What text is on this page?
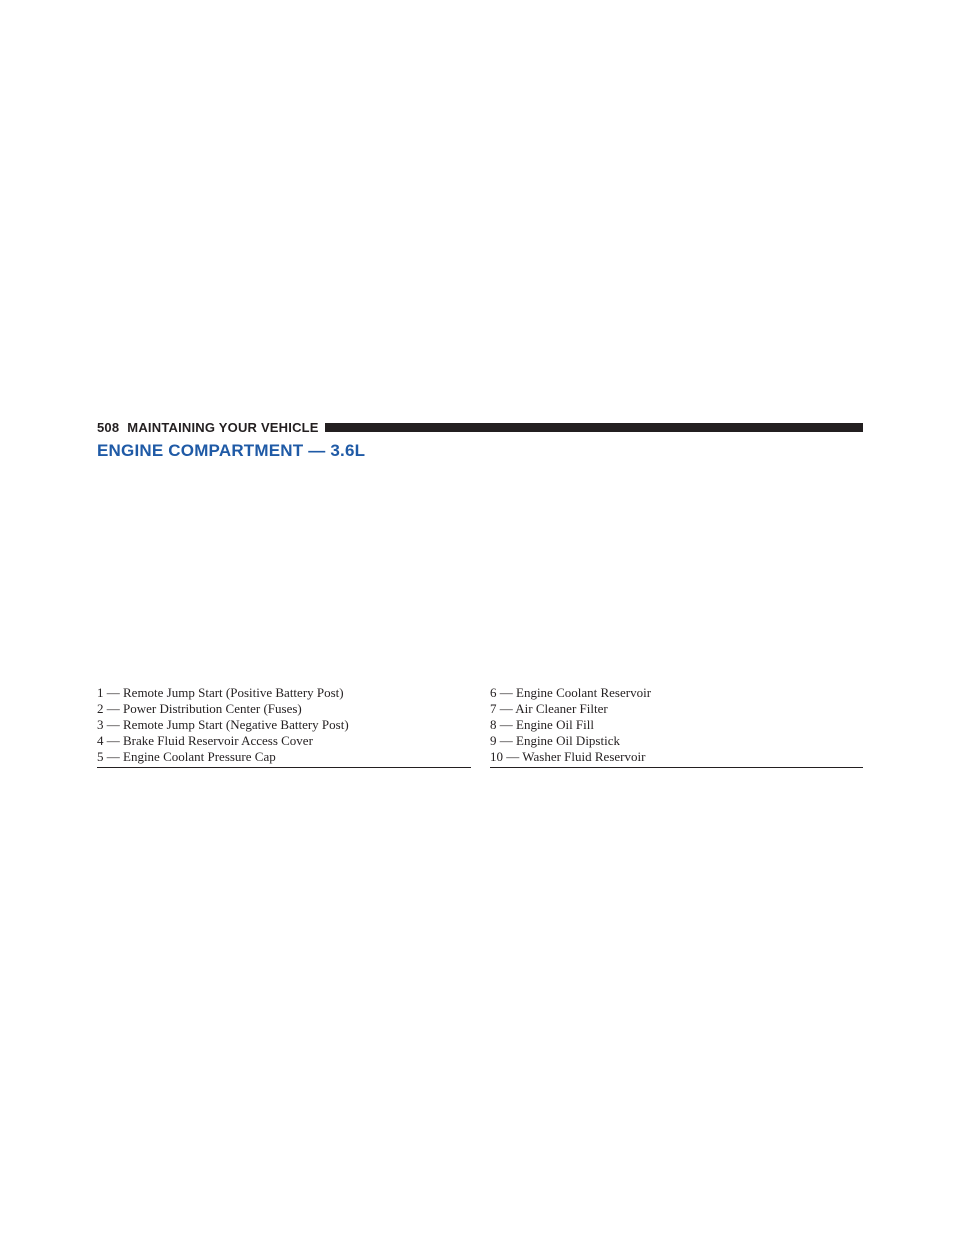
508 MAINTAINING YOUR VEHICLE
ENGINE COMPARTMENT — 3.6L
1 — Remote Jump Start (Positive Battery Post)
2 — Power Distribution Center (Fuses)
3 — Remote Jump Start (Negative Battery Post)
4 — Brake Fluid Reservoir Access Cover
5 — Engine Coolant Pressure Cap
6 — Engine Coolant Reservoir
7 — Air Cleaner Filter
8 — Engine Oil Fill
9 — Engine Oil Dipstick
10 — Washer Fluid Reservoir
